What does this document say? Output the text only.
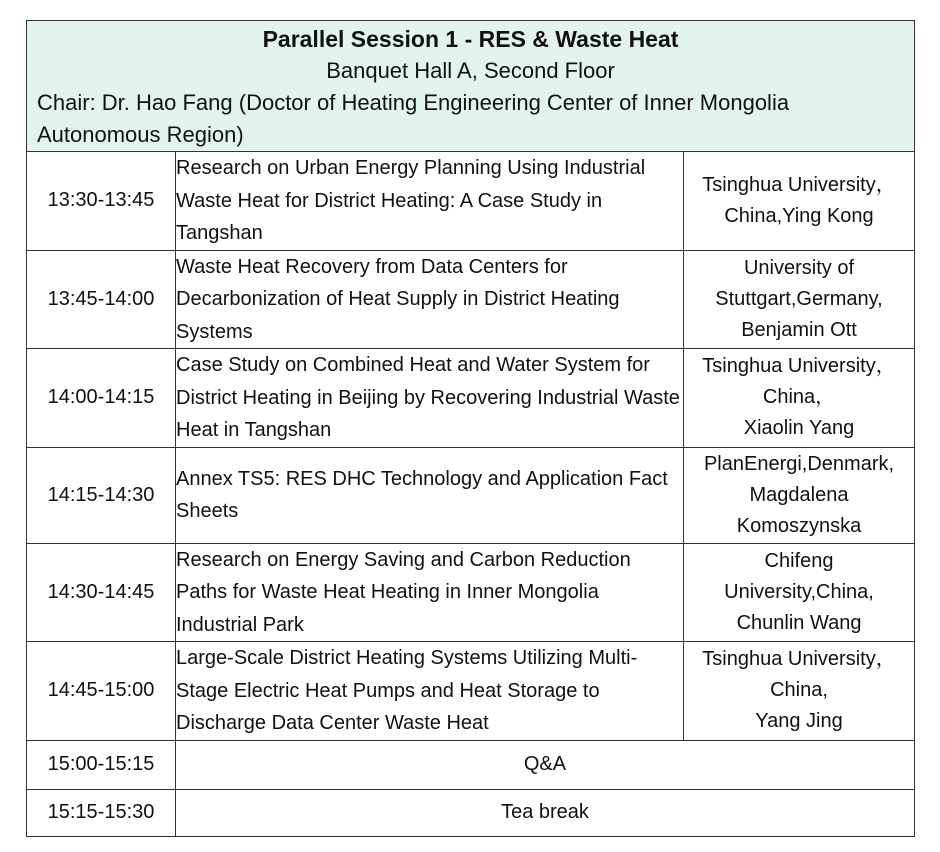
Parallel Session 1 - RES & Waste Heat
Banquet Hall A, Second Floor
Chair: Dr. Hao Fang (Doctor of Heating Engineering Center of Inner Mongolia Autonomous Region)		

13:30-13:45	Research on Urban Energy Planning Using Industrial Waste Heat for District Heating: A Case Study in Tangshan	Tsinghua University，
China,Ying Kong

13:45-14:00	Waste Heat Recovery from Data Centers for Decarbonization of Heat Supply in District Heating Systems	University of
Stuttgart,Germany,
Benjamin Ott

14:00-14:15	Case Study on Combined Heat and Water System for District Heating in Beijing by Recovering Industrial Waste Heat in Tangshan	Tsinghua University，
China，
Xiaolin Yang

14:15-14:30	Annex TS5: RES DHC Technology and Application Fact Sheets	PlanEnergi,Denmark,
Magdalena
Komoszynska

14:30-14:45	Research on Energy Saving and Carbon Reduction Paths for Waste Heat Heating in Inner Mongolia Industrial Park	Chifeng
University,China,
Chunlin Wang

14:45-15:00	Large-Scale District Heating Systems Utilizing Multi-Stage Electric Heat Pumps and Heat Storage to Discharge Data Center Waste Heat	Tsinghua University，
China,
Yang Jing

15:00-15:15	Q&A	
15:15-15:30	Tea break	
